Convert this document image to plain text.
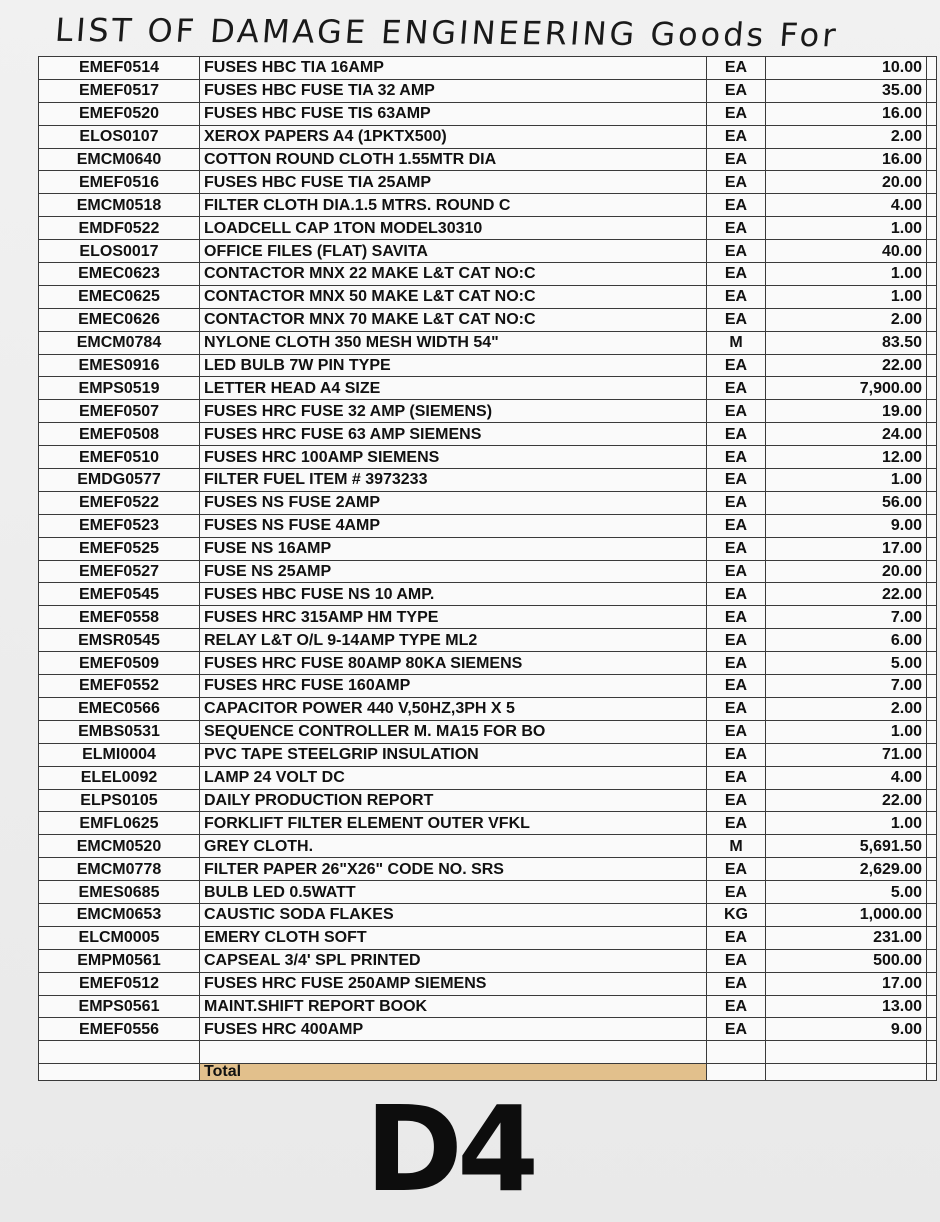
LIST OF DAMAGE ENGINEERING Goods For
EMEF0514	FUSES HBC TIA 16AMP	EA	10.00	
EMEF0517	FUSES HBC FUSE TIA 32 AMP	EA	35.00	
EMEF0520	FUSES HBC FUSE TIS 63AMP	EA	16.00	
ELOS0107	XEROX PAPERS A4 (1PKTX500)	EA	2.00	
EMCM0640	COTTON ROUND CLOTH 1.55MTR DIA	EA	16.00	
EMEF0516	FUSES HBC FUSE TIA 25AMP	EA	20.00	
EMCM0518	FILTER CLOTH DIA.1.5 MTRS. ROUND C	EA	4.00	
EMDF0522	LOADCELL CAP 1TON MODEL30310	EA	1.00	
ELOS0017	OFFICE FILES (FLAT) SAVITA	EA	40.00	
EMEC0623	CONTACTOR MNX 22 MAKE L&T CAT NO:C	EA	1.00	
EMEC0625	CONTACTOR MNX 50 MAKE L&T CAT NO:C	EA	1.00	
EMEC0626	CONTACTOR MNX 70 MAKE L&T CAT NO:C	EA	2.00	
EMCM0784	NYLONE CLOTH 350 MESH WIDTH 54"	M	83.50	
EMES0916	LED BULB 7W PIN TYPE	EA	22.00	
EMPS0519	LETTER HEAD A4 SIZE	EA	7,900.00	
EMEF0507	FUSES HRC FUSE 32 AMP (SIEMENS)	EA	19.00	
EMEF0508	FUSES HRC FUSE 63 AMP SIEMENS	EA	24.00	
EMEF0510	FUSES HRC 100AMP SIEMENS	EA	12.00	
EMDG0577	FILTER FUEL ITEM # 3973233	EA	1.00	
EMEF0522	FUSES NS FUSE 2AMP	EA	56.00	
EMEF0523	FUSES NS FUSE 4AMP	EA	9.00	
EMEF0525	FUSE NS 16AMP	EA	17.00	
EMEF0527	FUSE NS 25AMP	EA	20.00	
EMEF0545	FUSES HBC FUSE NS 10 AMP.	EA	22.00	
EMEF0558	FUSES HRC 315AMP HM TYPE	EA	7.00	
EMSR0545	RELAY L&T O/L 9-14AMP TYPE ML2	EA	6.00	
EMEF0509	FUSES HRC FUSE 80AMP 80KA SIEMENS	EA	5.00	
EMEF0552	FUSES HRC FUSE 160AMP	EA	7.00	
EMEC0566	CAPACITOR POWER 440 V,50HZ,3PH X 5	EA	2.00	
EMBS0531	SEQUENCE CONTROLLER M. MA15 FOR BO	EA	1.00	
ELMI0004	PVC TAPE STEELGRIP INSULATION	EA	71.00	
ELEL0092	LAMP 24 VOLT DC	EA	4.00	
ELPS0105	DAILY PRODUCTION REPORT	EA	22.00	
EMFL0625	FORKLIFT FILTER ELEMENT OUTER VFKL	EA	1.00	
EMCM0520	GREY CLOTH.	M	5,691.50	
EMCM0778	FILTER PAPER 26"X26" CODE NO. SRS	EA	2,629.00	
EMES0685	BULB LED 0.5WATT	EA	5.00	
EMCM0653	CAUSTIC SODA FLAKES	KG	1,000.00	
ELCM0005	EMERY CLOTH SOFT	EA	231.00	
EMPM0561	CAPSEAL 3/4' SPL PRINTED	EA	500.00	
EMEF0512	FUSES HRC FUSE 250AMP SIEMENS	EA	17.00	
EMPS0561	MAINT.SHIFT REPORT BOOK	EA	13.00	
EMEF0556	FUSES HRC 400AMP	EA	9.00	

	Total			
D4
